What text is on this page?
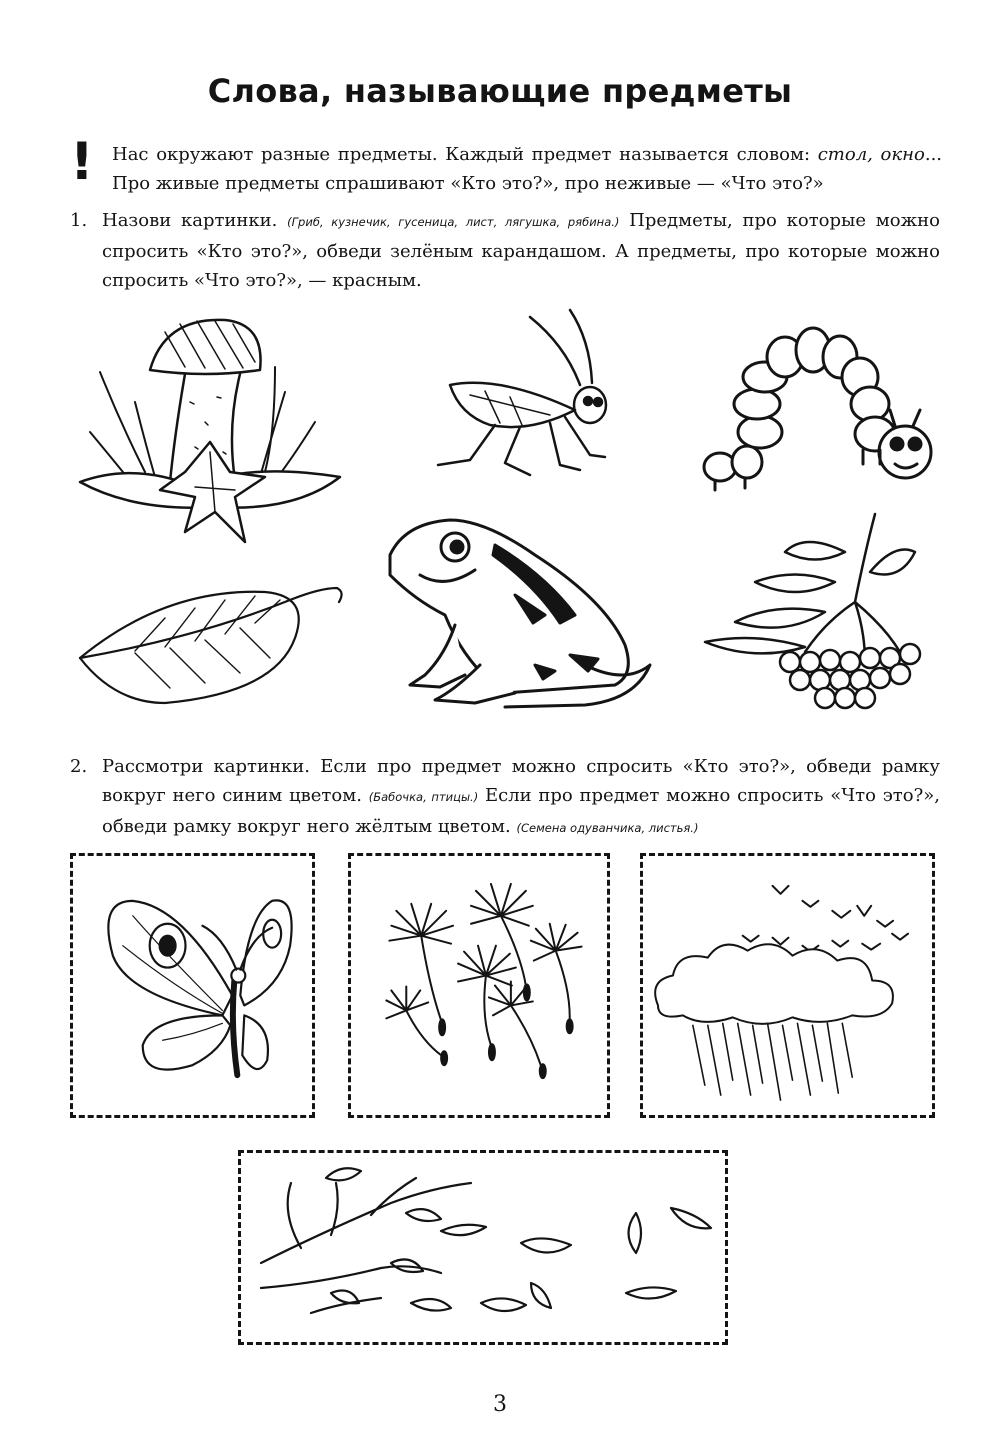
Слова, называющие предметы
! Нас окружают разные предметы. Каждый предмет называется словом: стол, окно... Про живые предметы спрашивают «Кто это?», про неживые — «Что это?»
1. Назови картинки. (Гриб, кузнечик, гусеница, лист, лягушка, рябина.) Предметы, про которые можно спросить «Кто это?», обведи зелёным карандашом. А предметы, про которые можно спросить «Что это?», — красным.
2. Рассмотри картинки. Если про предмет можно спросить «Кто это?», обведи рамку вокруг него синим цветом. (Бабочка, птицы.) Если про предмет можно спросить «Что это?», обведи рамку вокруг него жёлтым цветом. (Семена одуванчика, листья.)
3
